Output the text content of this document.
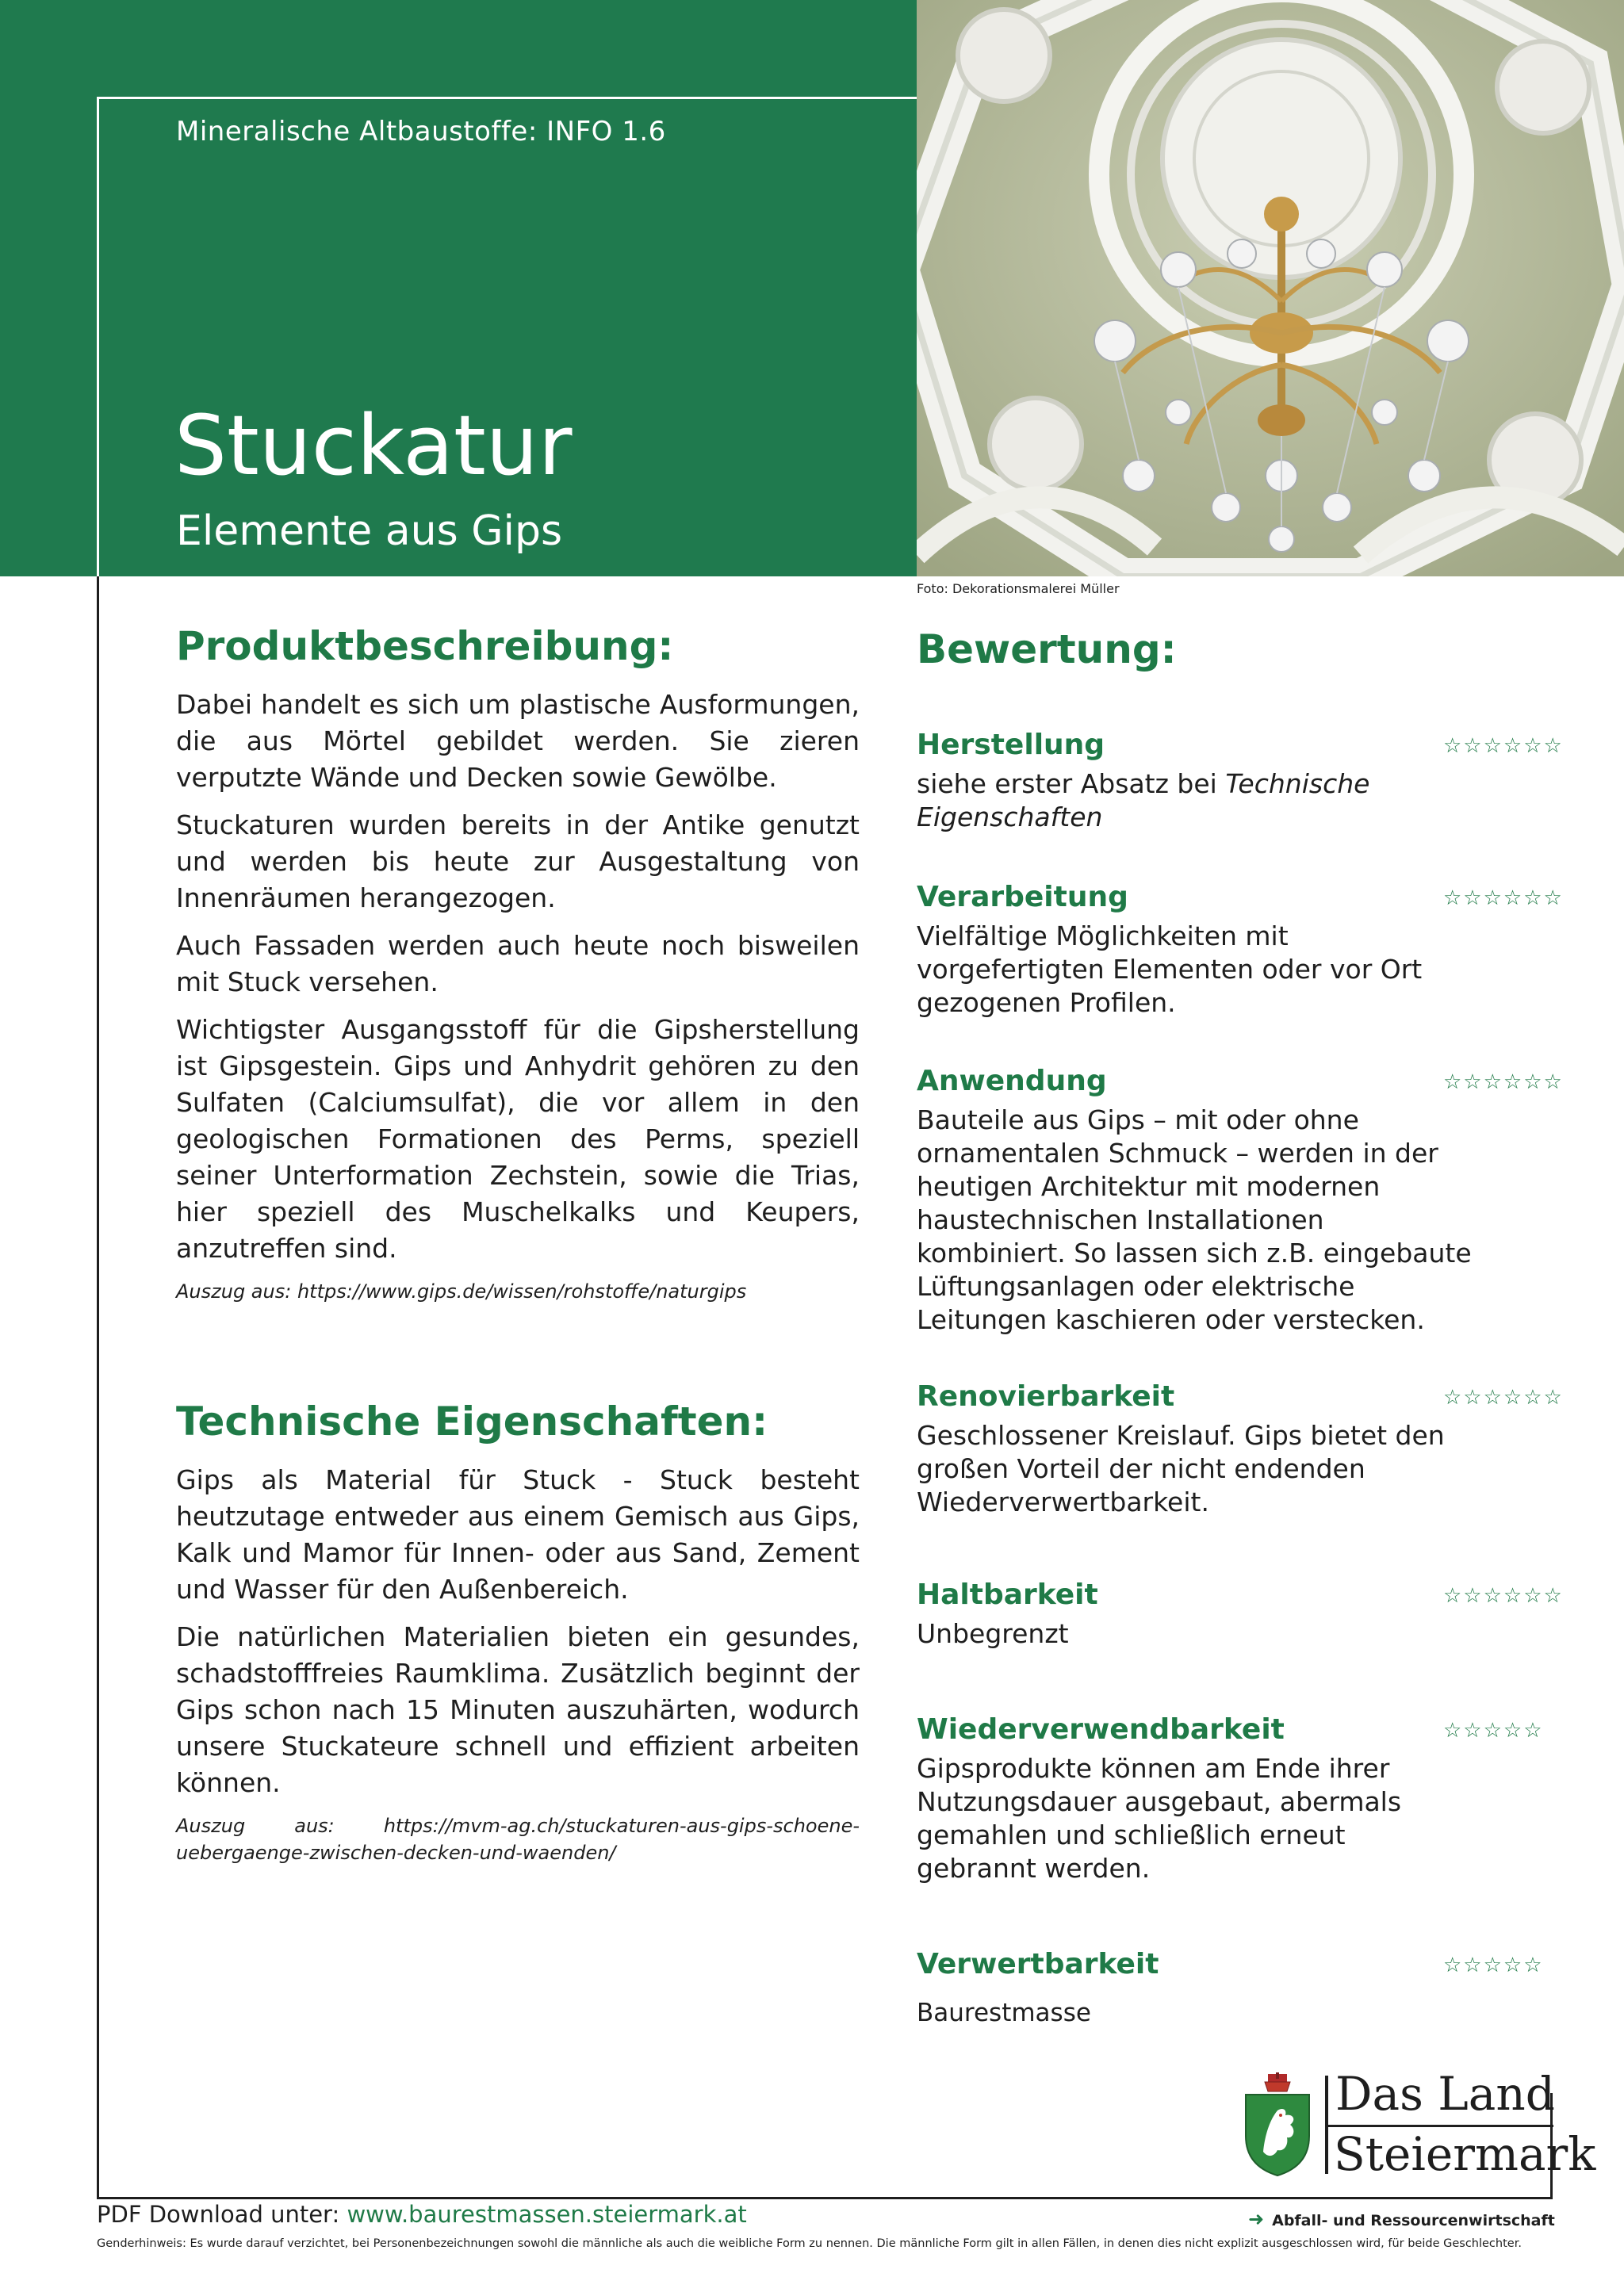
Mineralische Altbaustoffe: INFO 1.6
Stuckatur
Elemente aus Gips
Foto: Dekorationsmalerei Müller
Produktbeschreibung:

Dabei handelt es sich um plastische Ausformungen, die aus Mörtel gebildet werden. Sie zieren verputzte Wände und Decken sowie Gewölbe.

Stuckaturen wurden bereits in der Antike genutzt und werden bis heute zur Ausgestaltung von Innenräumen herangezogen.

Auch Fassaden werden auch heute noch bisweilen mit Stuck versehen.

Wichtigster Ausgangsstoff für die Gipsherstellung ist Gipsgestein. Gips und Anhydrit gehören zu den Sulfaten (Calciumsulfat), die vor allem in den geologischen Formationen des Perms, speziell seiner Unterformation Zechstein, sowie die Trias, hier speziell des Muschelkalks und Keupers, anzutreffen sind.

Auszug aus: https://www.gips.de/wissen/rohstoffe/naturgips

Technische Eigenschaften:

Gips als Material für Stuck - Stuck besteht heutzutage entweder aus einem Gemisch aus Gips, Kalk und Mamor für Innen- oder aus Sand, Zement und Wasser für den Außenbereich.

Die natürlichen Materialien bieten ein gesundes, schadstofffreies Raumklima. Zusätzlich beginnt der Gips schon nach 15 Minuten auszuhärten, wodurch unsere Stuckateure schnell und effizient arbeiten können.

Auszug aus: https://mvm-ag.ch/stuckaturen-aus-gips-schoene-uebergaenge-zwischen-decken-und-waenden/

Bewertung:
Herstellung	☆☆☆☆☆☆

siehe erster Absatz bei Technische Eigenschaften

Verarbeitung	☆☆☆☆☆☆

Vielfältige Möglichkeiten mit vorgefertigten Elementen oder vor Ort gezogenen Profilen.

Anwendung	☆☆☆☆☆☆

Bauteile aus Gips – mit oder ohne ornamentalen Schmuck – werden in der heutigen Architektur mit modernen haustechnischen Installationen kombiniert. So lassen sich z.B. eingebaute Lüftungsanlagen oder elektrische Leitungen kaschieren oder verstecken.

Renovierbarkeit	☆☆☆☆☆☆

Geschlossener Kreislauf. Gips bietet den großen Vorteil der nicht endenden Wiederverwertbarkeit.

Haltbarkeit	☆☆☆☆☆☆

Unbegrenzt

Wiederverwendbarkeit	☆☆☆☆☆

Gipsprodukte können am Ende ihrer Nutzungsdauer ausgebaut, abermals gemahlen und schließlich erneut gebrannt werden.

Verwertbarkeit	☆☆☆☆☆

Baurestmasse

Das Land
Steiermark
PDF Download unter: www.baurestmassen.steiermark.at	➜ Abfall- und Ressourcenwirtschaft
Genderhinweis: Es wurde darauf verzichtet, bei Personenbezeichnungen sowohl die männliche als auch die weibliche Form zu nennen. Die männliche Form gilt in allen Fällen, in denen dies nicht explizit ausgeschlossen wird, für beide Geschlechter.
